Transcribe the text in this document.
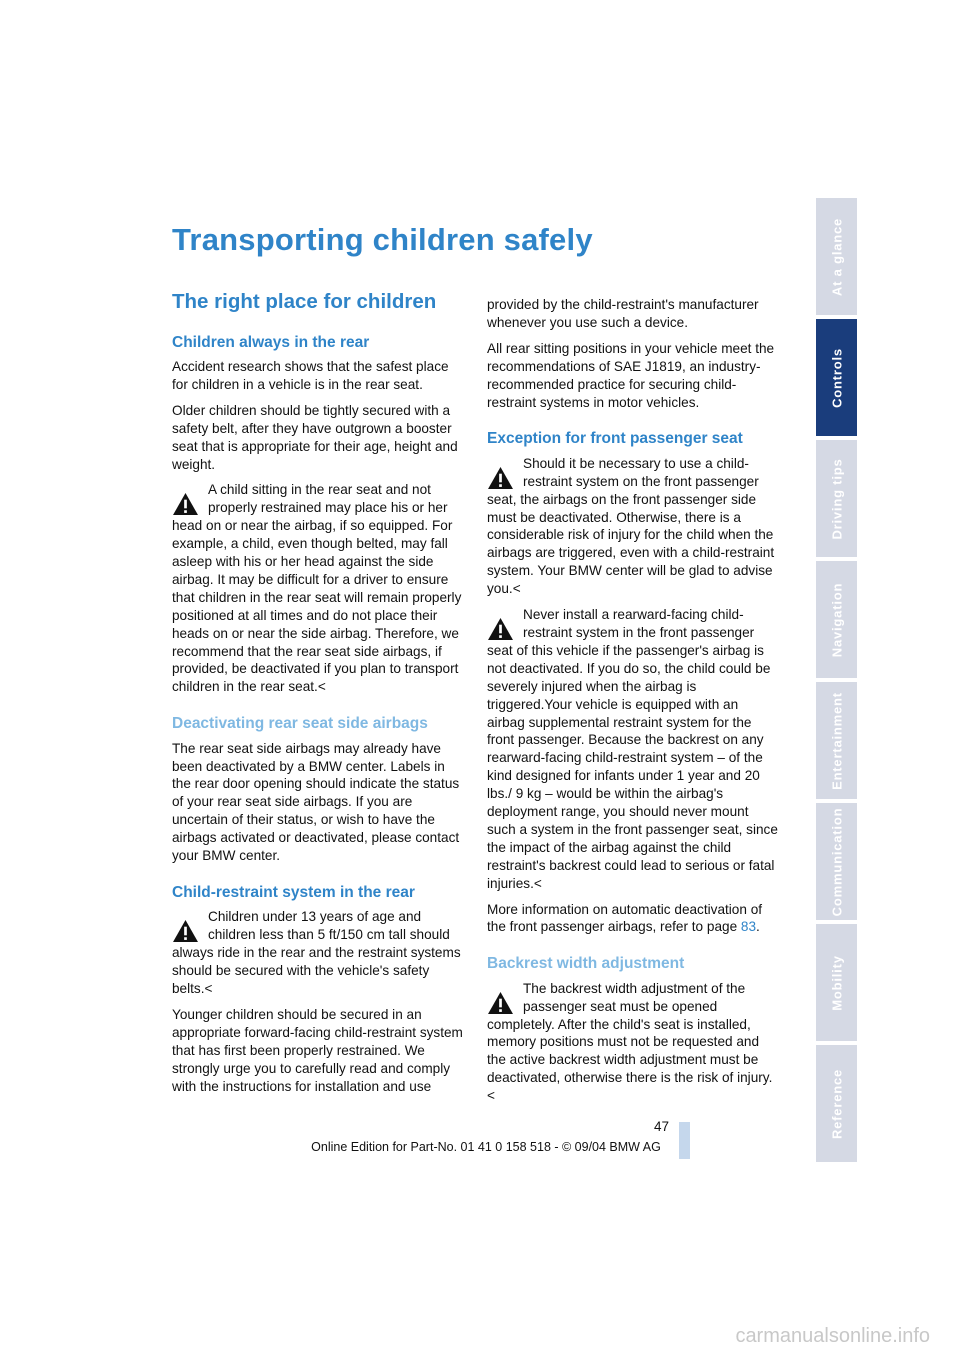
Transporting children safely
The right place for children
Children always in the rear

Accident research shows that the safest place for children in a vehicle is in the rear seat.

Older children should be tightly secured with a safety belt, after they have outgrown a booster seat that is appropriate for their age, height and weight.

A child sitting in the rear seat and not properly restrained may place his or her head on or near the airbag, if so equipped. For example, a child, even though belted, may fall asleep with his or her head against the side airbag. It may be difficult for a driver to ensure that children in the rear seat will remain properly positioned at all times and do not place their heads on or near the side airbag. Therefore, we recommend that the rear seat side airbags, if provided, be deactivated if you plan to transport children in the rear seat.<

Deactivating rear seat side airbags

The rear seat side airbags may already have been deactivated by a BMW center. Labels in the rear door opening should indicate the status of your rear seat side airbags. If you are uncertain of their status, or wish to have the airbags activated or deactivated, please contact your BMW center.

Child-restraint system in the rear

Children under 13 years of age and children less than 5 ft/150 cm tall should always ride in the rear and the restraint systems should be secured with the vehicle's safety belts.<

Younger children should be secured in an appropriate forward-facing child-restraint system that has first been properly restrained. We strongly urge you to carefully read and comply with the instructions for installation and use

provided by the child-restraint's manufacturer whenever you use such a device.

All rear sitting positions in your vehicle meet the recommendations of SAE J1819, an industry-recommended practice for securing child-restraint systems in motor vehicles.

Exception for front passenger seat

Should it be necessary to use a child-restraint system on the front passenger seat, the airbags on the front passenger side must be deactivated. Otherwise, there is a considerable risk of injury for the child when the airbags are triggered, even with a child-restraint system. Your BMW center will be glad to advise you.<

Never install a rearward-facing child-restraint system in the front passenger seat of this vehicle if the passenger's airbag is not deactivated. If you do so, the child could be severely injured when the airbag is triggered.Your vehicle is equipped with an airbag supplemental restraint system for the front passenger. Because the backrest on any rearward-facing child-restraint system – of the kind designed for infants under 1 year and 20 lbs./ 9 kg – would be within the airbag's deployment range, you should never mount such a system in the front passenger seat, since the impact of the airbag against the child restraint's backrest could lead to serious or fatal injuries.<

More information on automatic deactivation of the front passenger airbags, refer to page 83.

Backrest width adjustment

The backrest width adjustment of the passenger seat must be opened completely. After the child's seat is installed, memory positions must not be requested and the active backrest width adjustment must be deactivated, otherwise there is the risk of injury.<

At a glance
Controls
Driving tips
Navigation
Entertainment
Communication
Mobility
Reference
47
Online Edition for Part-No. 01 41 0 158 518 - © 09/04 BMW AG
carmanualsonline.info
